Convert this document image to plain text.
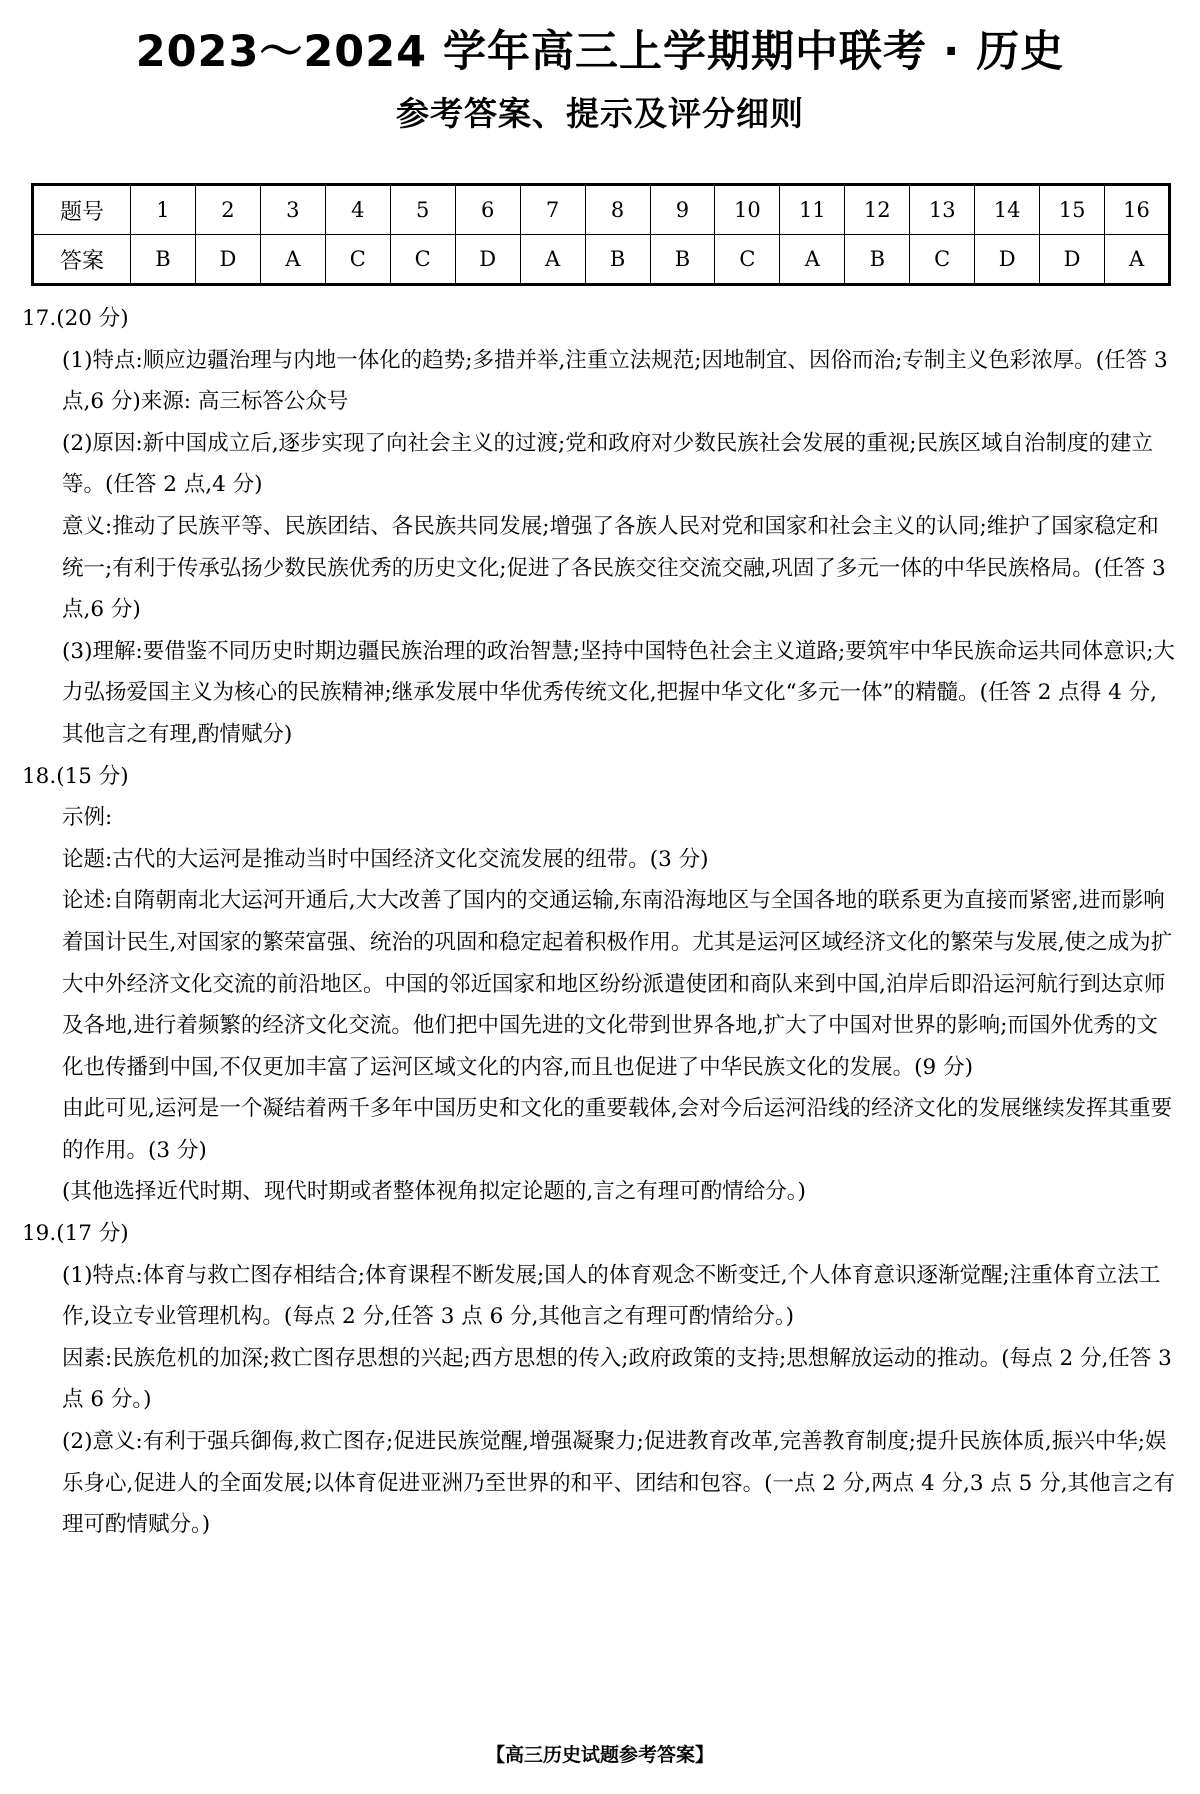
2023～2024 学年高三上学期期中联考 · 历史
参考答案、提示及评分细则
题号	1	2	3	4	5	6	7	8	9	10	11	12	13	14	15	16
答案	B	D	A	C	C	D	A	B	B	C	A	B	C	D	D	A

17.(20 分)

(1)特点:顺应边疆治理与内地一体化的趋势;多措并举,注重立法规范;因地制宜、因俗而治;专制主义色彩浓厚。(任答 3 点,6 分)来源: 高三标答公众号

(2)原因:新中国成立后,逐步实现了向社会主义的过渡;党和政府对少数民族社会发展的重视;民族区域自治制度的建立等。(任答 2 点,4 分)

意义:推动了民族平等、民族团结、各民族共同发展;增强了各族人民对党和国家和社会主义的认同;维护了国家稳定和统一;有利于传承弘扬少数民族优秀的历史文化;促进了各民族交往交流交融,巩固了多元一体的中华民族格局。(任答 3 点,6 分)

(3)理解:要借鉴不同历史时期边疆民族治理的政治智慧;坚持中国特色社会主义道路;要筑牢中华民族命运共同体意识;大力弘扬爱国主义为核心的民族精神;继承发展中华优秀传统文化,把握中华文化“多元一体”的精髓。(任答 2 点得 4 分,其他言之有理,酌情赋分)

18.(15 分)

示例:

论题:古代的大运河是推动当时中国经济文化交流发展的纽带。(3 分)

论述:自隋朝南北大运河开通后,大大改善了国内的交通运输,东南沿海地区与全国各地的联系更为直接而紧密,进而影响着国计民生,对国家的繁荣富强、统治的巩固和稳定起着积极作用。尤其是运河区域经济文化的繁荣与发展,使之成为扩大中外经济文化交流的前沿地区。中国的邻近国家和地区纷纷派遣使团和商队来到中国,泊岸后即沿运河航行到达京师及各地,进行着频繁的经济文化交流。他们把中国先进的文化带到世界各地,扩大了中国对世界的影响;而国外优秀的文化也传播到中国,不仅更加丰富了运河区域文化的内容,而且也促进了中华民族文化的发展。(9 分)

由此可见,运河是一个凝结着两千多年中国历史和文化的重要载体,会对今后运河沿线的经济文化的发展继续发挥其重要的作用。(3 分)

(其他选择近代时期、现代时期或者整体视角拟定论题的,言之有理可酌情给分。)

19.(17 分)

(1)特点:体育与救亡图存相结合;体育课程不断发展;国人的体育观念不断变迁,个人体育意识逐渐觉醒;注重体育立法工作,设立专业管理机构。(每点 2 分,任答 3 点 6 分,其他言之有理可酌情给分。)

因素:民族危机的加深;救亡图存思想的兴起;西方思想的传入;政府政策的支持;思想解放运动的推动。(每点 2 分,任答 3 点 6 分。)

(2)意义:有利于强兵御侮,救亡图存;促进民族觉醒,增强凝聚力;促进教育改革,完善教育制度;提升民族体质,振兴中华;娱乐身心,促进人的全面发展;以体育促进亚洲乃至世界的和平、团结和包容。(一点 2 分,两点 4 分,3 点 5 分,其他言之有理可酌情赋分。)

【高三历史试题参考答案】
